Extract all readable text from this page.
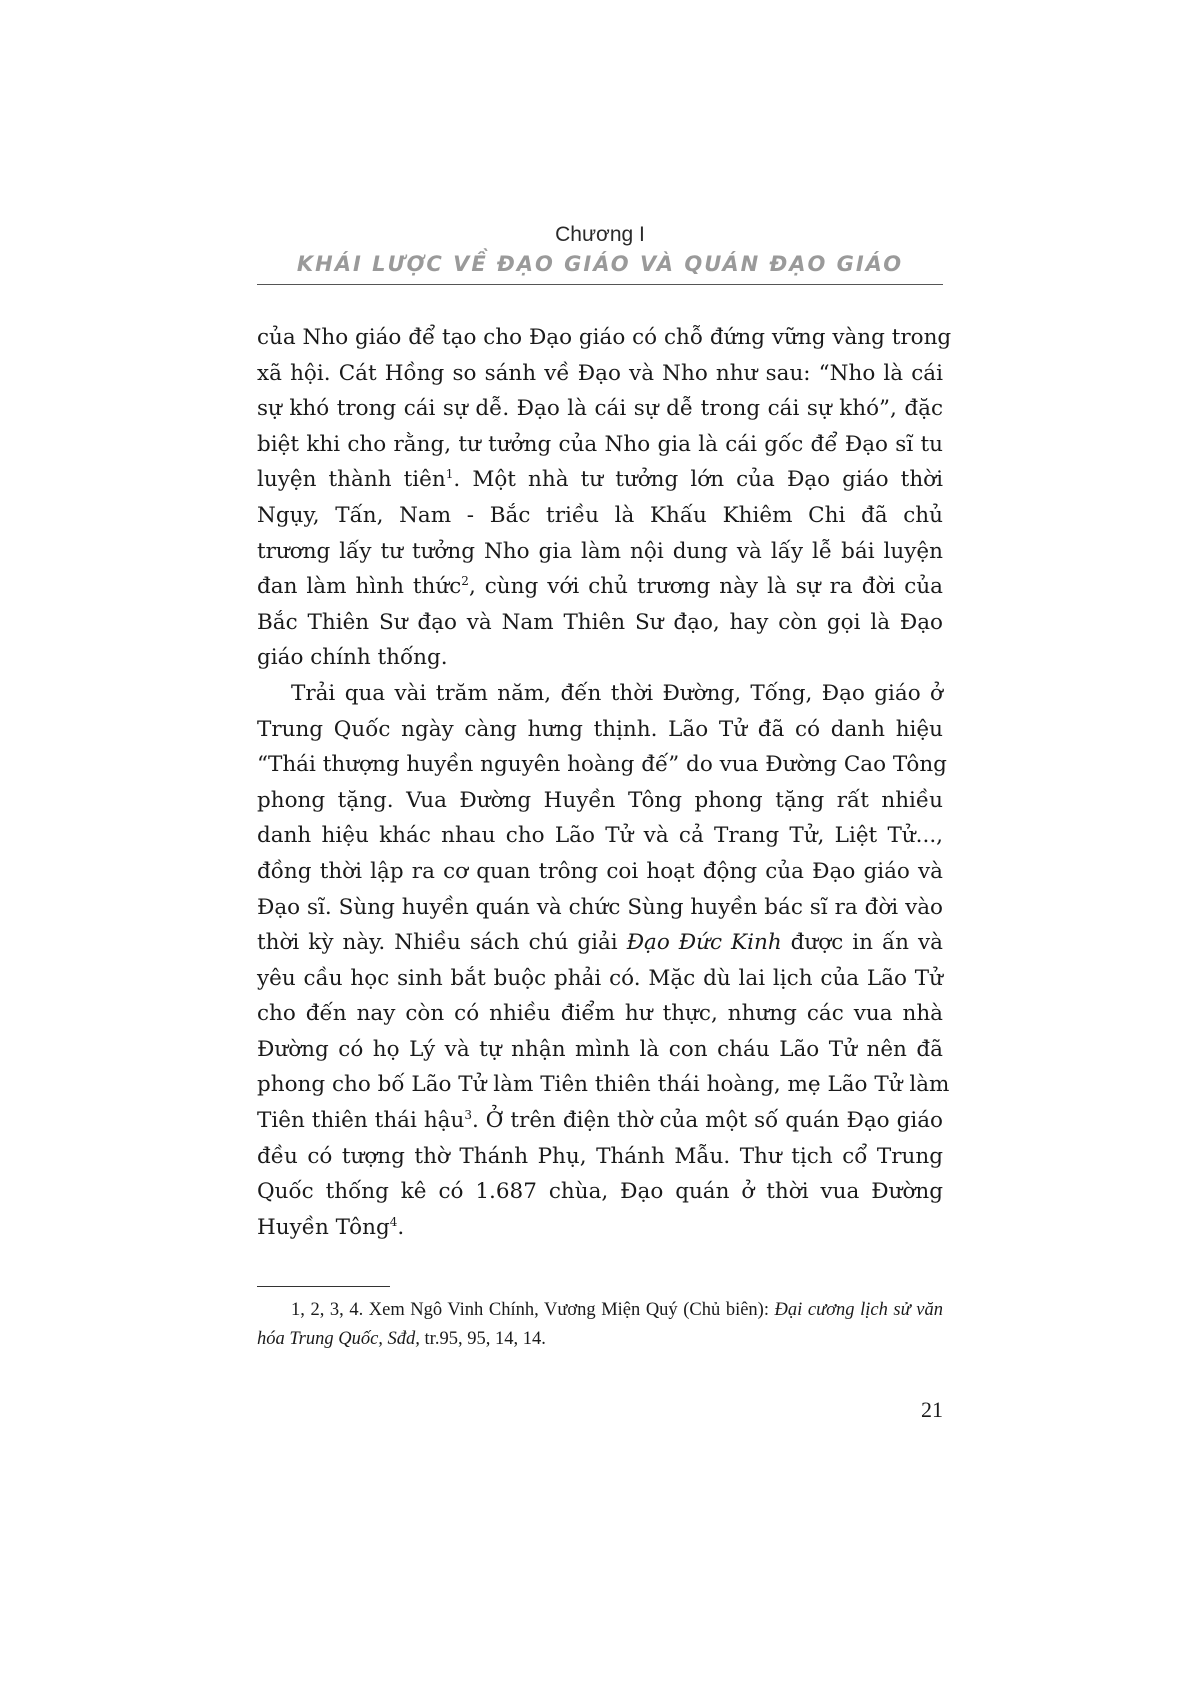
Chương I
KHÁI LƯỢC VỀ ĐẠO GIÁO VÀ QUÁN ĐẠO GIÁO

của Nho giáo để tạo cho Đạo giáo có chỗ đứng vững vàng trong
xã hội. Cát Hồng so sánh về Đạo và Nho như sau: “Nho là cái
sự khó trong cái sự dễ. Đạo là cái sự dễ trong cái sự khó”, đặc
biệt khi cho rằng, tư tưởng của Nho gia là cái gốc để Đạo sĩ tu
luyện thành tiên$^1$. Một nhà tư tưởng lớn của Đạo giáo thời
Ngụy, Tấn, Nam - Bắc triều là Khấu Khiêm Chi đã chủ
trương lấy tư tưởng Nho gia làm nội dung và lấy lễ bái luyện
đan làm hình thức$^2$, cùng với chủ trương này là sự ra đời của
Bắc Thiên Sư đạo và Nam Thiên Sư đạo, hay còn gọi là Đạo
giáo chính thống.

Trải qua vài trăm năm, đến thời Đường, Tống, Đạo giáo ở
Trung Quốc ngày càng hưng thịnh. Lão Tử đã có danh hiệu
“Thái thượng huyền nguyên hoàng đế” do vua Đường Cao Tông
phong tặng. Vua Đường Huyền Tông phong tặng rất nhiều
danh hiệu khác nhau cho Lão Tử và cả Trang Tử, Liệt Tử...,
đồng thời lập ra cơ quan trông coi hoạt động của Đạo giáo và
Đạo sĩ. Sùng huyền quán và chức Sùng huyền bác sĩ ra đời vào
thời kỳ này. Nhiều sách chú giải Đạo Đức Kinh được in ấn và
yêu cầu học sinh bắt buộc phải có. Mặc dù lai lịch của Lão Tử
cho đến nay còn có nhiều điểm hư thực, nhưng các vua nhà
Đường có họ Lý và tự nhận mình là con cháu Lão Tử nên đã
phong cho bố Lão Tử làm Tiên thiên thái hoàng, mẹ Lão Tử làm
Tiên thiên thái hậu$^3$. Ở trên điện thờ của một số quán Đạo giáo
đều có tượng thờ Thánh Phụ, Thánh Mẫu. Thư tịch cổ Trung
Quốc thống kê có 1.687 chùa, Đạo quán ở thời vua Đường
Huyền Tông$^4$.

1, 2, 3, 4. Xem Ngô Vinh Chính, Vương Miện Quý (Chủ biên): Đại cương lịch sử văn hóa Trung Quốc, Sđd, tr.95, 95, 14, 14.
21
